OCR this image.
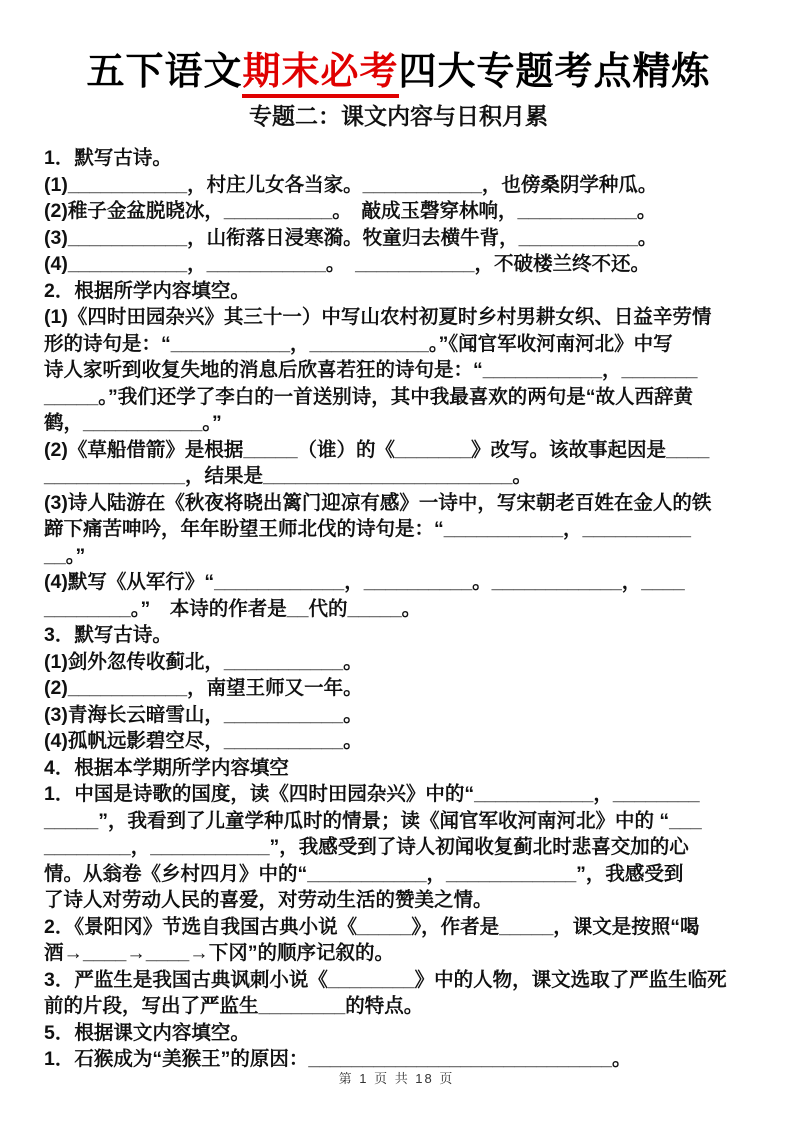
五下语文期末必考四大专题考点精炼
专题二：课文内容与日积月累
1．默写古诗。
(1)___________，村庄儿女各当家。___________，也傍桑阴学种瓜。
(2)稚子金盆脱晓冰，__________。　敲成玉磬穿林响，___________。
(3)___________，山衔落日浸寒漪。牧童归去横牛背，___________。
(4)___________，___________。　___________，不破楼兰终不还。
2．根据所学内容填空。
(1)《四时田园杂兴》其三十一）中写山农村初夏时乡村男耕女织、日益辛劳情
形的诗句是：“___________，___________。”《闻官军收河南河北》中写
诗人家听到收复失地的消息后欣喜若狂的诗句是：“___________，_______
_____。”我们还学了李白的一首送别诗，其中我最喜欢的两句是“故人西辞黄
鹤，___________。”
(2)《草船借箭》是根据_____（谁）的《_______》改写。该故事起因是____
_____________，结果是_______________________。
(3)诗人陆游在《秋夜将晓出篱门迎凉有感》一诗中，写宋朝老百姓在金人的铁
蹄下痛苦呻吟，年年盼望王师北伐的诗句是：“___________，__________
__。”
(4)默写《从军行》“____________，__________。____________，____
________。”　本诗的作者是__代的_____。
3．默写古诗。
(1)剑外忽传收蓟北，___________。
(2)___________，南望王师又一年。
(3)青海长云暗雪山，___________。
(4)孤帆远影碧空尽，___________。
4．根据本学期所学内容填空
1．中国是诗歌的国度，读《四时田园杂兴》中的“___________，________
_____”，我看到了儿童学种瓜时的情景；读《闻官军收河南河北》中的 “___
________，___________”，我感受到了诗人初闻收复蓟北时悲喜交加的心
情。从翁卷《乡村四月》中的“___________，____________”，我感受到
了诗人对劳动人民的喜爱，对劳动生活的赞美之情。
2．《景阳冈》节选自我国古典小说《_____》，作者是_____，课文是按照“喝
酒→____→____→下冈”的顺序记叙的。
3．严监生是我国古典讽刺小说《________》中的人物，课文选取了严监生临死
前的片段，写出了严监生________的特点。
5．根据课文内容填空。
1．石猴成为“美猴王”的原因：____________________________。
第 1 页 共 18 页
